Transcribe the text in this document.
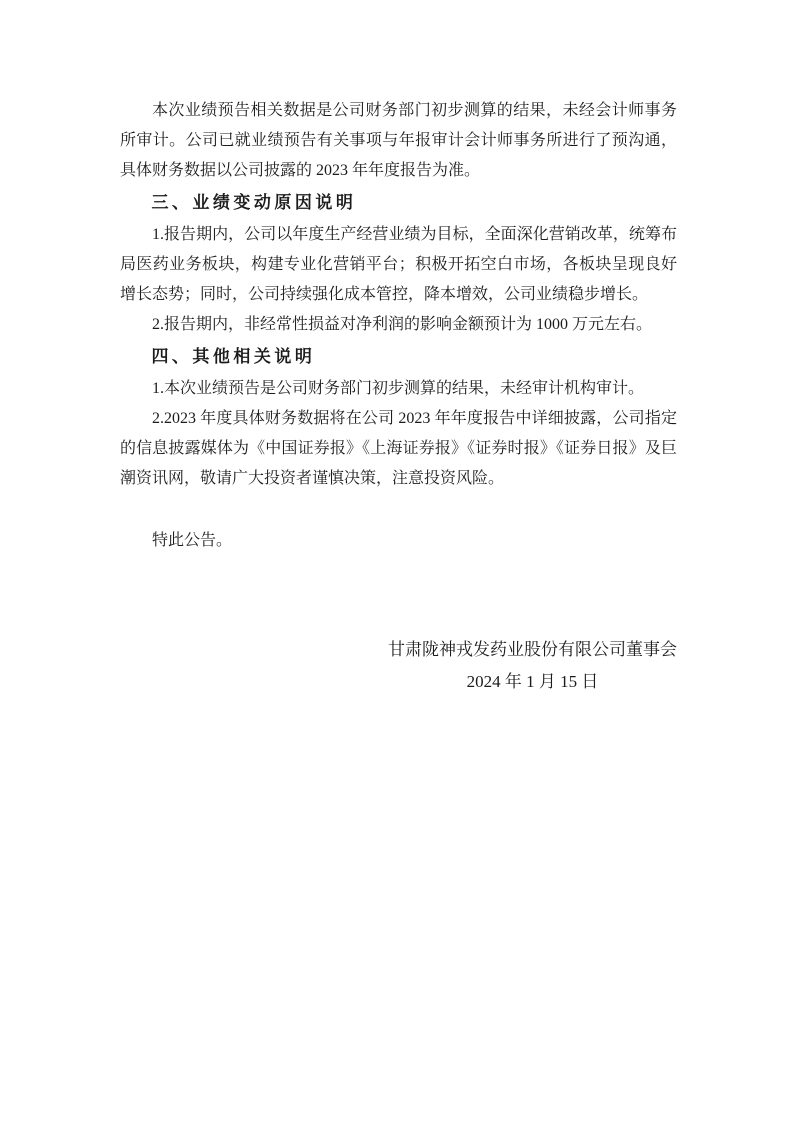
本次业绩预告相关数据是公司财务部门初步测算的结果，未经会计师事务所审计。公司已就业绩预告有关事项与年报审计会计师事务所进行了预沟通，具体财务数据以公司披露的 2023 年年度报告为准。

三、业绩变动原因说明

1.报告期内，公司以年度生产经营业绩为目标，全面深化营销改革，统筹布局医药业务板块，构建专业化营销平台；积极开拓空白市场，各板块呈现良好增长态势；同时，公司持续强化成本管控，降本增效，公司业绩稳步增长。

2.报告期内，非经常性损益对净利润的影响金额预计为 1000 万元左右。

四、其他相关说明

1.本次业绩预告是公司财务部门初步测算的结果，未经审计机构审计。

2.2023 年度具体财务数据将在公司 2023 年年度报告中详细披露，公司指定的信息披露媒体为《中国证券报》《上海证券报》《证券时报》《证券日报》及巨潮资讯网，敬请广大投资者谨慎决策，注意投资风险。

特此公告。

甘肃陇神戎发药业股份有限公司董事会
2024 年 1 月 15 日
